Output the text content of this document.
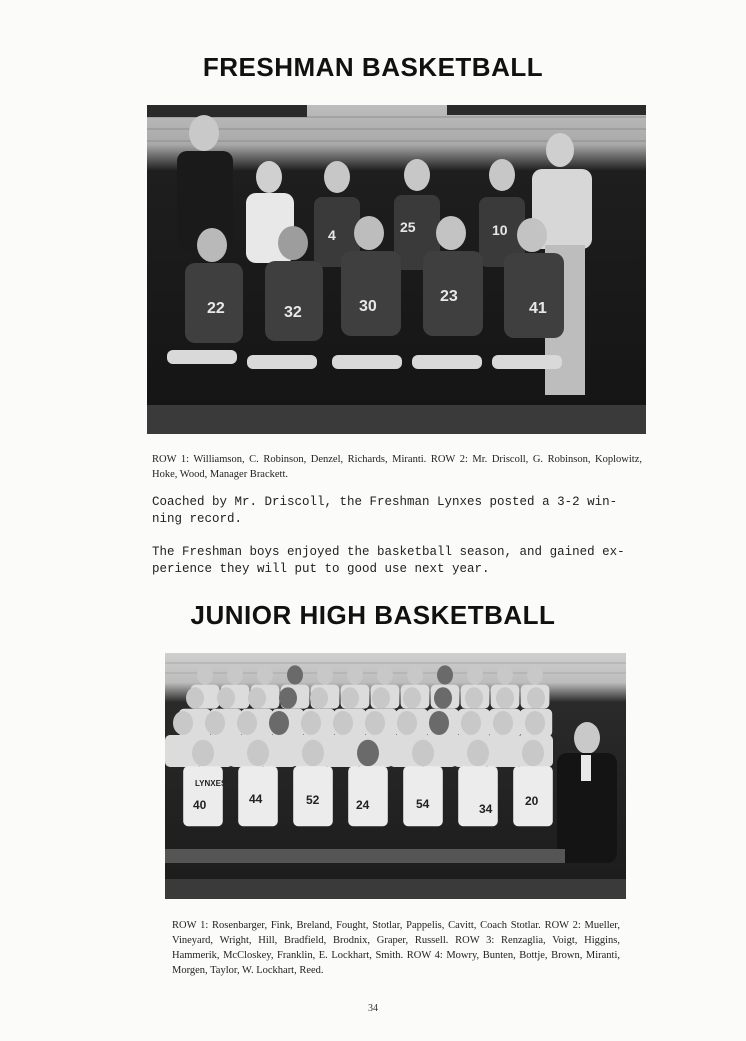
FRESHMAN BASKETBALL
4	25	10
22	32	30
23
41
ROW 1: Williamson, C. Robinson, Denzel, Richards, Miranti. ROW 2: Mr. Driscoll, G. Robinson, Koplowitz, Hoke, Wood, Manager Brackett.
Coached by Mr. Driscoll, the Freshman Lynxes posted a 3-2 win-ning record.
The Freshman boys enjoyed the basketball season, and gained ex-perience they will put to good use next year.
JUNIOR HIGH BASKETBALL
40	44	52	24	54	34
20
LYNXES
ROW 1: Rosenbarger, Fink, Breland, Fought, Stotlar, Pappelis, Cavitt, Coach Stotlar. ROW 2: Mueller, Vineyard, Wright, Hill, Bradfield, Brodnix, Graper, Russell. ROW 3: Renzaglia, Voigt, Higgins, Hammerik, McCloskey, Franklin, E. Lockhart, Smith. ROW 4: Mowry, Bunten, Bottje, Brown, Miranti, Morgen, Taylor, W. Lockhart, Reed.
34
